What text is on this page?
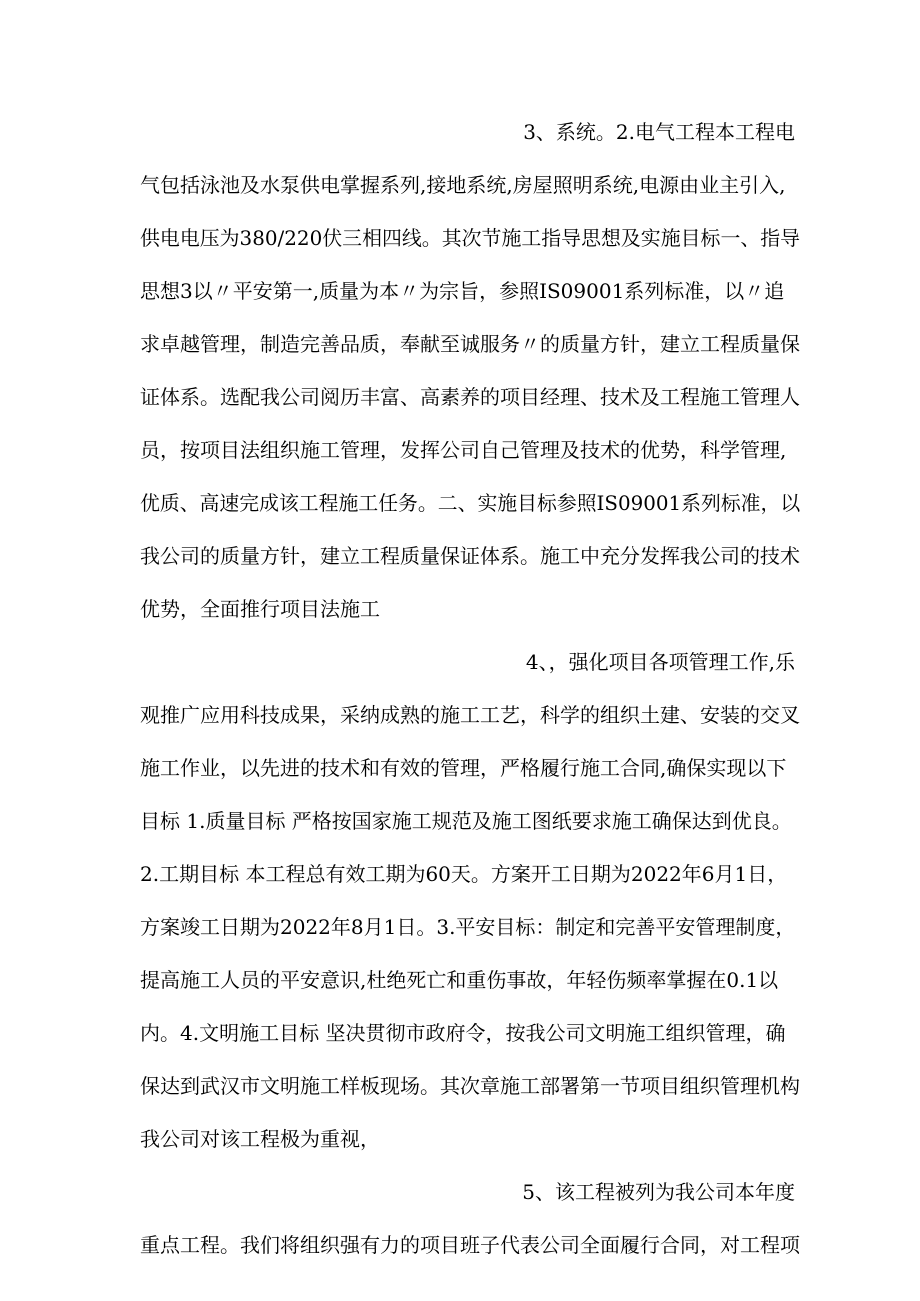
3、系统。2.电气工程本工程电
气包括泳池及水泵供电掌握系列,接地系统,房屋照明系统,电源由业主引入,
供电电压为380/220伏三相四线。其次节施工指导思想及实施目标一、指导
思想3以〃平安第一,质量为本〃为宗旨，参照IS09001系列标准，以〃追
求卓越管理，制造完善品质，奉献至诚服务〃的质量方针，建立工程质量保
证体系。选配我公司阅历丰富、高素养的项目经理、技术及工程施工管理人
员，按项目法组织施工管理，发挥公司自己管理及技术的优势，科学管理,
优质、高速完成该工程施工任务。二、实施目标参照IS09001系列标准，以
我公司的质量方针，建立工程质量保证体系。施工中充分发挥我公司的技术
优势，全面推行项目法施工
4、，强化项目各项管理工作,乐
观推广应用科技成果，采纳成熟的施工工艺，科学的组织土建、安装的交叉
施工作业，以先进的技术和有效的管理，严格履行施工合同,确保实现以下
目标 1.质量目标 严格按国家施工规范及施工图纸要求施工确保达到优良。
2.工期目标 本工程总有效工期为60天。方案开工日期为2022年6月1日，
方案竣工日期为2022年8月1日。3.平安目标：制定和完善平安管理制度，
提高施工人员的平安意识,杜绝死亡和重伤事故，年轻伤频率掌握在0.1以
内。4.文明施工目标 坚决贯彻市政府令，按我公司文明施工组织管理，确
保达到武汉市文明施工样板现场。其次章施工部署第一节项目组织管理机构
我公司对该工程极为重视，
5、该工程被列为我公司本年度
重点工程。我们将组织强有力的项目班子代表公司全面履行合同，对工程项
